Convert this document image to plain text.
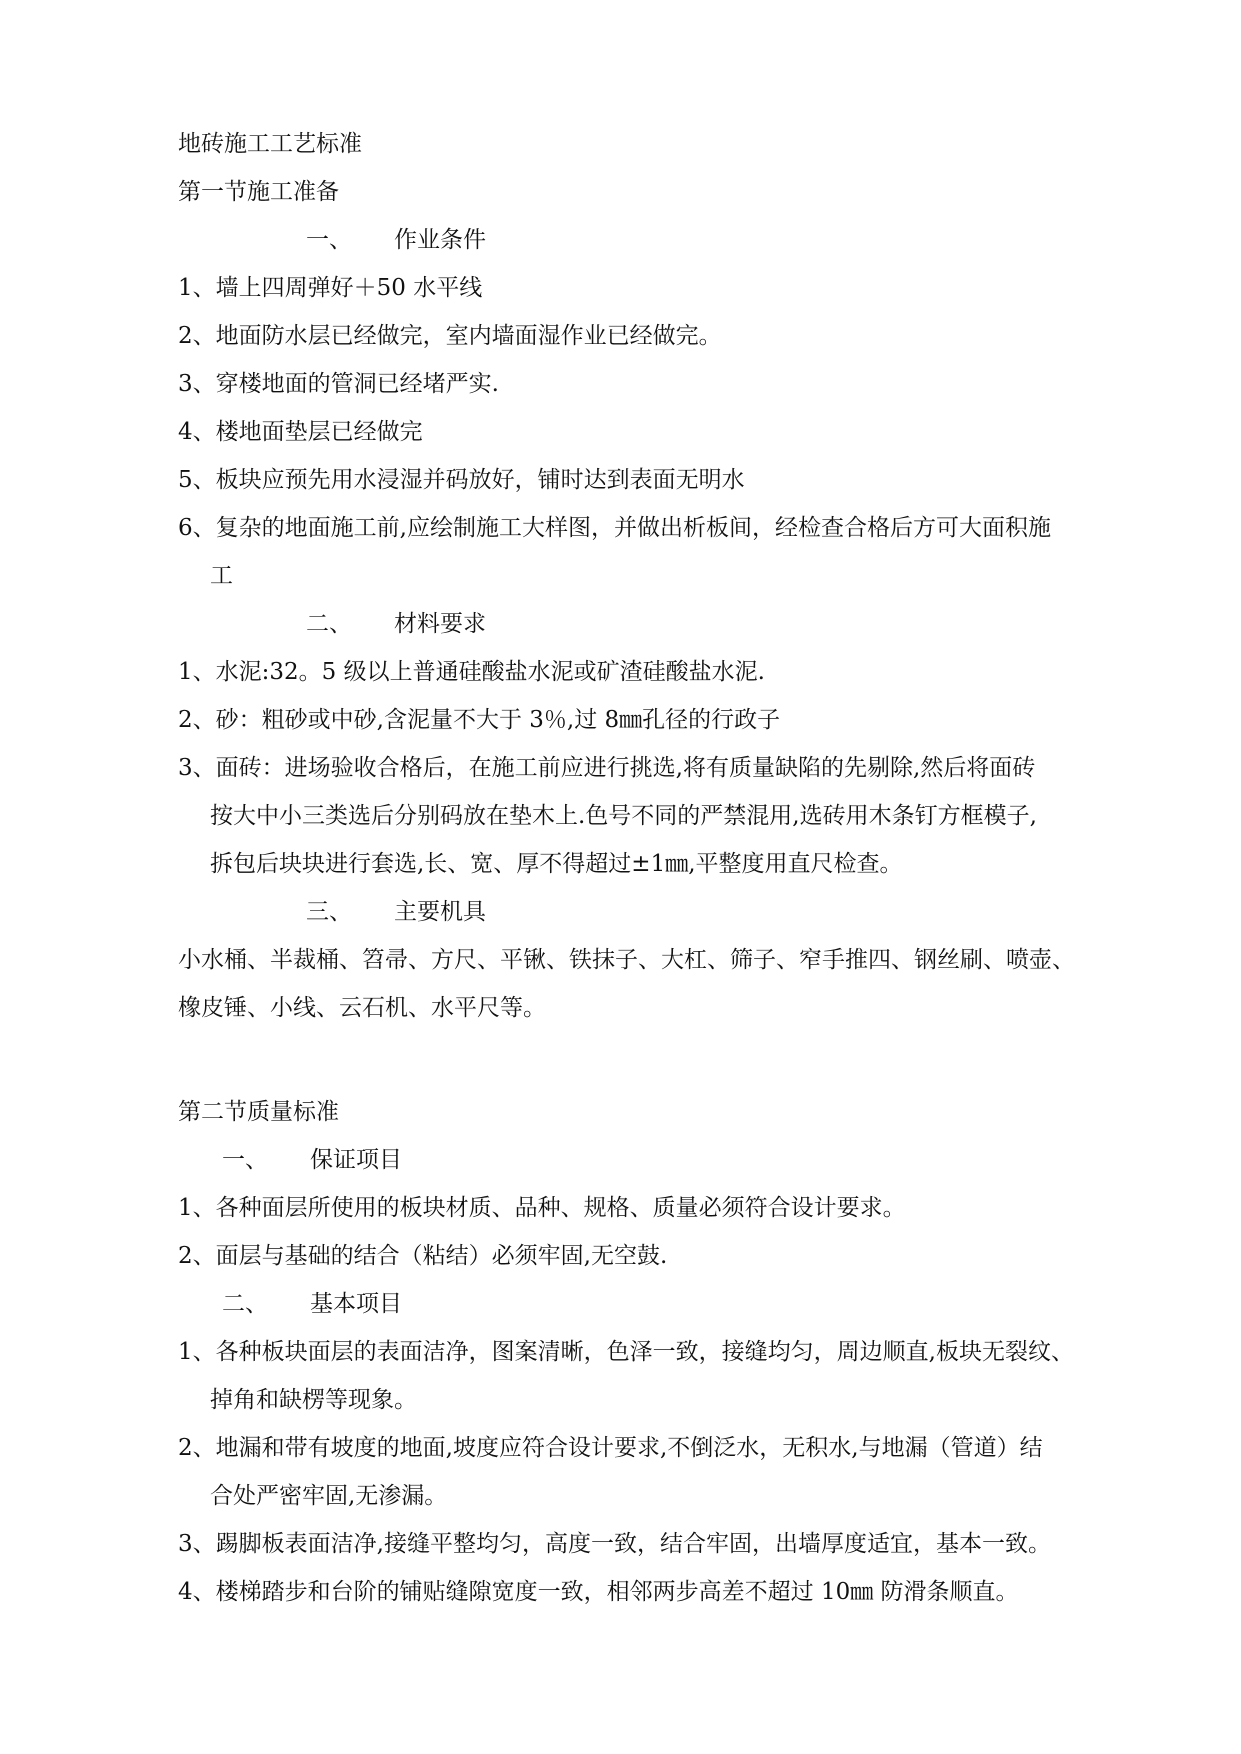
地砖施工工艺标准
第一节施工准备
一、 作业条件
1、墙上四周弹好＋50 水平线
2、地面防水层已经做完，室内墙面湿作业已经做完。
3、穿楼地面的管洞已经堵严实.
4、楼地面垫层已经做完
5、板块应预先用水浸湿并码放好，铺时达到表面无明水
6、复杂的地面施工前,应绘制施工大样图，并做出析板间，经检查合格后方可大面积施
工
二、 材料要求
1、水泥:32。5 级以上普通硅酸盐水泥或矿渣硅酸盐水泥.
2、砂：粗砂或中砂,含泥量不大于 3％,过 8㎜孔径的行政子
3、面砖：进场验收合格后，在施工前应进行挑选,将有质量缺陷的先剔除,然后将面砖
按大中小三类选后分别码放在垫木上.色号不同的严禁混用,选砖用木条钉方框模子,
拆包后块块进行套选,长、宽、厚不得超过±1㎜,平整度用直尺检查。
三、 主要机具
小水桶、半裁桶、笤帚、方尺、平锹、铁抹子、大杠、筛子、窄手推四、钢丝刷、喷壶、
橡皮锤、小线、云石机、水平尺等。
第二节质量标准
一、 保证项目
1、各种面层所使用的板块材质、品种、规格、质量必须符合设计要求。
2、面层与基础的结合（粘结）必须牢固,无空鼓.
二、 基本项目
1、各种板块面层的表面洁净，图案清晰，色泽一致，接缝均匀，周边顺直,板块无裂纹、
掉角和缺楞等现象。
2、地漏和带有坡度的地面,坡度应符合设计要求,不倒泛水，无积水,与地漏（管道）结
合处严密牢固,无渗漏。
3、踢脚板表面洁净,接缝平整均匀，高度一致，结合牢固，出墙厚度适宜，基本一致。
4、楼梯踏步和台阶的铺贴缝隙宽度一致，相邻两步高差不超过 10㎜ 防滑条顺直。
